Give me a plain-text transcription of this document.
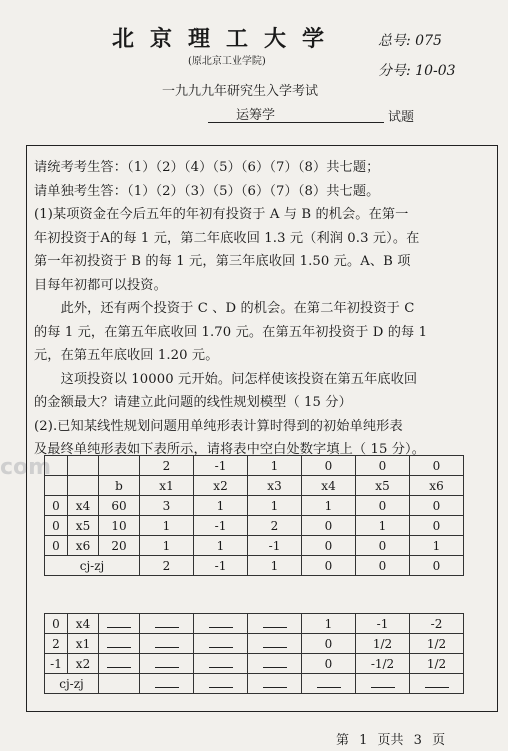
北京理工大学
(原北京工业学院)
总号: 075
分号: 10-03
一九九九年研究生入学考试
运筹学	试题
com
请统考考生答：（1）（2）（4）（5）（6）（7）（8）共七题；
请单独考生答：（1）（2）（3）（5）（6）（7）（8）共七题。
(1)某项资金在今后五年的年初有投资于 A 与 B 的机会。在第一
年初投资于A的每 1 元，第二年底收回 1.3 元（利润 0.3 元）。在
第一年初投资于 B 的每 1 元，第三年底收回 1.50 元。A、B 项
目每年初都可以投资。
　　此外，还有两个投资于 C 、D 的机会。在第二年初投资于 C
的每 1 元，在第五年底收回 1.70 元。在第五年初投资于 D 的每 1
元，在第五年底收回 1.20 元。
　　这项投资以 10000 元开始。问怎样使该投资在第五年底收回
的金额最大？请建立此问题的线性规划模型（ 15 分）
(2).已知某线性规划问题用单纯形表计算时得到的初始单纯形表
及最终单纯形表如下表所示，请将表中空白处数字填上（ 15 分）。
			2	-1	1	0	0	0
		b	x1	x2	x3	x4	x5	x6
0	x4	60	3	1	1	1	0	0
0	x5	10	1	-1	2	0	1	0
0	x6	20	1	1	-1	0	0	1
cj-zj			2	-1	1	0	0	0
0	x4					1	-1	-2
2	x1					0	1/2	1/2
-1	x2					0	-1/2	1/2
cj-zj								
第 1 页共 3 页
